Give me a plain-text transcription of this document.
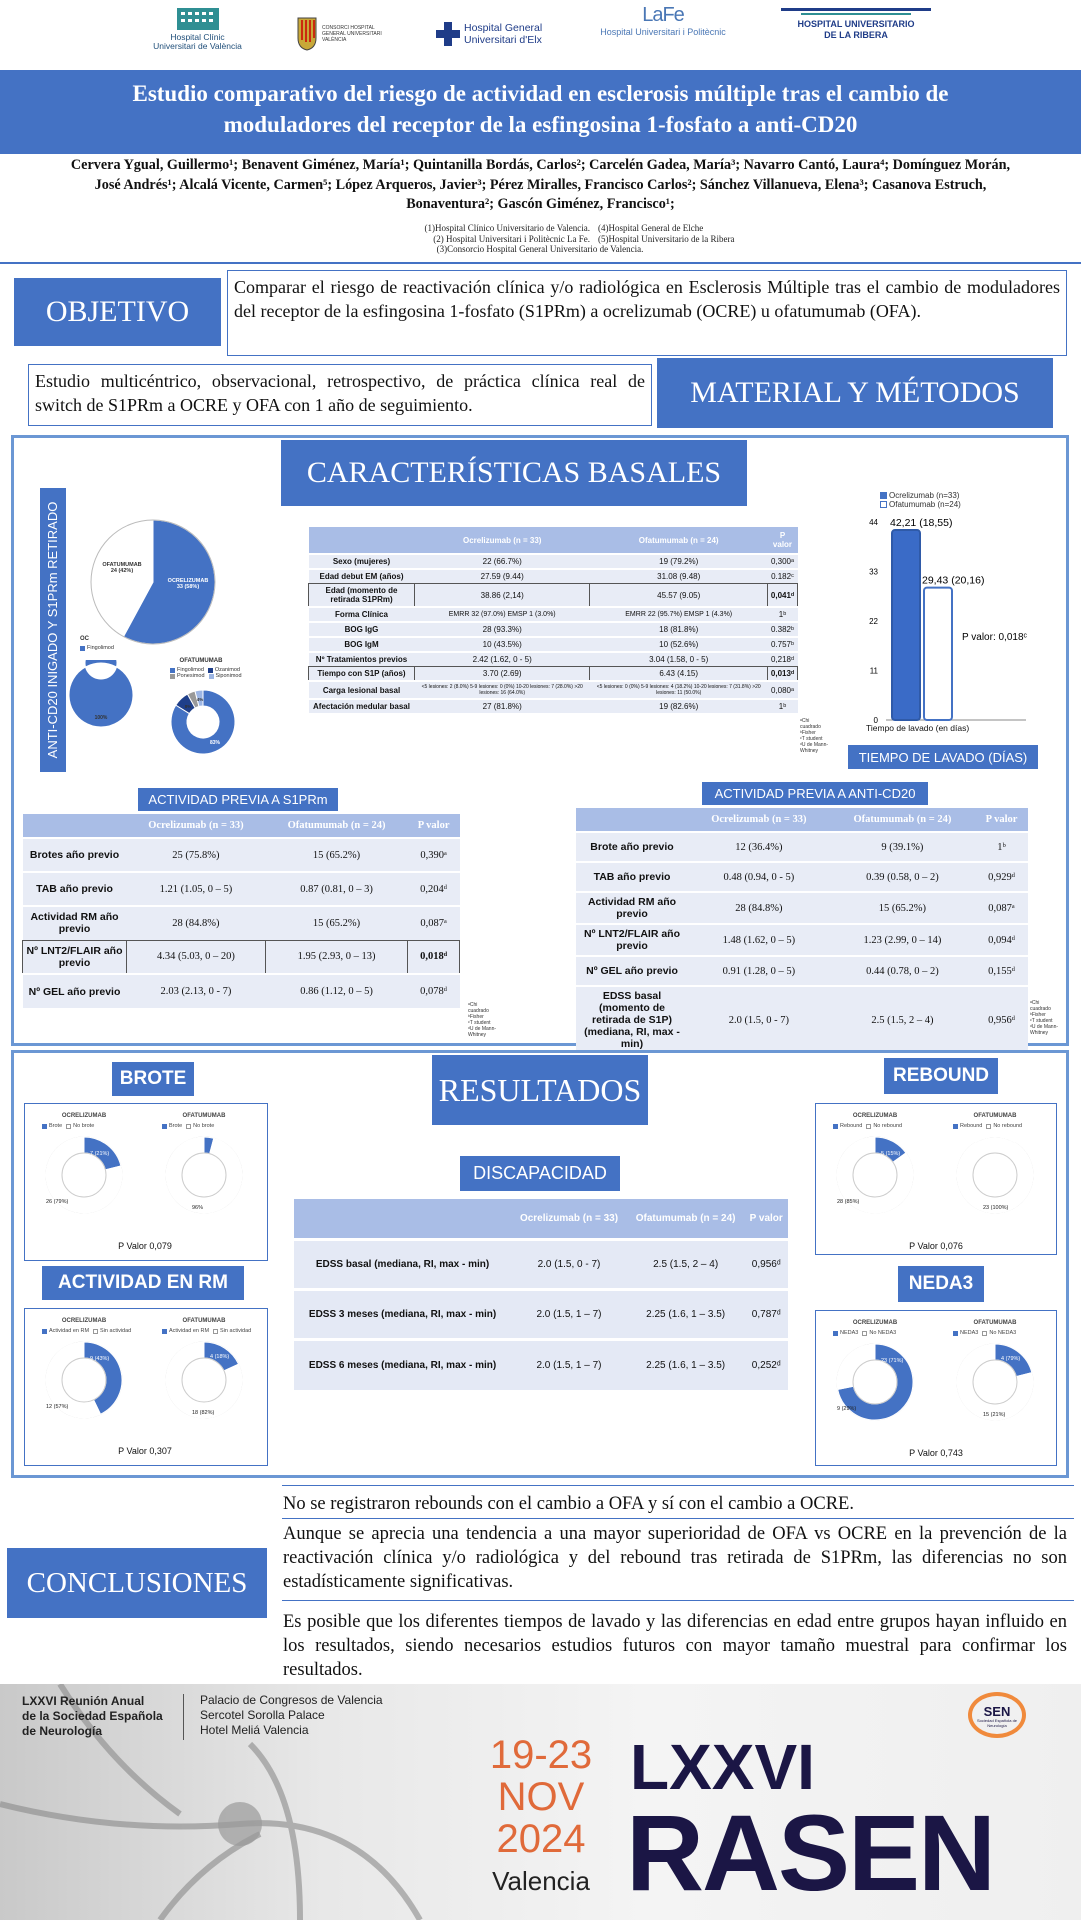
Hospital Clínic
Universitari de València
CONSORCI HOSPITAL GENERAL UNIVERSITARI VALÈNCIA
Hospital General
Universitari d'Elx
LaFe
Hospital Universitari i Politècnic
HOSPITAL UNIVERSITARIO
DE LA RIBERA
Estudio comparativo del riesgo de actividad en esclerosis múltiple tras el cambio de
moduladores del receptor de la esfingosina 1-fosfato a anti-CD20
Cervera Ygual, Guillermo¹; Benavent Giménez, María¹; Quintanilla Bordás, Carlos²; Carcelén Gadea, María³; Navarro Cantó, Laura⁴; Domínguez Morán,
José Andrés¹; Alcalá Vicente, Carmen⁵; López Arqueros, Javier³; Pérez Miralles, Francisco Carlos²; Sánchez Villanueva, Elena³; Casanova Estruch,
Bonaventura²; Gascón Giménez, Francisco¹;
(1)Hospital Clínico Universitario de Valencia.
(2) Hospital Universitari i Politècnic La Fe.
(4)Hospital General de Elche
(5)Hospital Universitario de la Ribera
(3)Consorcio Hospital General Universitario de Valencia.
OBJETIVO
Comparar el riesgo de reactivación clínica y/o radiológica en Esclerosis Múltiple tras el cambio de moduladores del receptor de la esfingosina 1-fosfato (S1PRm) a ocrelizumab (OCRE) u ofatumumab (OFA).
Estudio multicéntrico, observacional, retrospectivo, de práctica clínica real de switch de S1PRm a OCRE y OFA con 1 año de seguimiento.	MATERIAL Y MÉTODOS
CARACTERÍSTICAS BASALES
ANTI-CD20 INIGADO Y S1PRm RETIRADO	OFATUMUMAB
24 (42%)
OCRELIZUMAB
33 (58%)
OC
Fingolimod
100%
OFATUMUMAB
Fingolimod Ozanimod
Ponesimod Siponimod
83%
8%
4%
	Ocrelizumab (n = 33)	Ofatumumab (n = 24)	P valor
Sexo (mujeres)	22 (66.7%)	19 (79.2%)	0,300ᵃ
Edad debut EM (años)	27.59 (9.44)	31.08 (9.48)	0.182ᶜ
Edad (momento de retirada S1PRm)	38.86 (2,14)	45.57 (9.05)	0,041ᵈ
Forma Clínica	EMRR 32 (97.0%) EMSP 1 (3.0%)	EMRR 22 (95.7%) EMSP 1 (4.3%)	1ᵇ
BOG IgG	28 (93.3%)	18 (81.8%)	0.382ᵇ
BOG IgM	10 (43.5%)	10 (52.6%)	0.757ᵇ
Nº Tratamientos previos	2.42 (1.62, 0 - 5)	3.04 (1.58, 0 - 5)	0,218ᵈ
Tiempo con S1P (años)	3.70 (2.69)	6.43 (4.15)	0,013ᵈ
Carga lesional basal	<5 lesiones: 2 (8.0%) 5-9 lesiones: 0 (0%) 10-20 lesiones: 7 (28.0%) >20 lesiones: 16 (64.0%)	<5 lesiones: 0 (0%) 5-9 lesiones: 4 (18.2%) 10-20 lesiones: 7 (31.8%) >20 lesiones: 11 (50.0%)	0,080ᵃ
Afectación medular basal	27 (81.8%)	19 (82.6%)	1ᵇ
ᵃChi cuadrado
ᵇFisher
ᶜT student
ᵈU de Mann-Whitney
Ocrelizumab (n=33)
Ofatumumab (n=24)
44
33
22
11
0
42,21 (18,55)
29,43 (20,16)
P valor: 0,018ᶜ
Tiempo de lavado (en días)
TIEMPO DE LAVADO (DÍAS)
ACTIVIDAD PREVIA A S1PRm
	Ocrelizumab (n = 33)	Ofatumumab (n = 24)	P valor
Brotes año previo	25 (75.8%)	15 (65.2%)	0,390ᵃ
TAB año previo	1.21 (1.05, 0 – 5)	0.87 (0.81, 0 – 3)	0,204ᵈ
Actividad RM año previo	28 (84.8%)	15 (65.2%)	0,087ᵃ
Nº LNT2/FLAIR año previo	4.34 (5.03, 0 – 20)	1.95 (2.93, 0 – 13)	0,018ᵈ
Nº GEL año previo	2.03 (2.13, 0 - 7)	0.86 (1.12, 0 – 5)	0,078ᵈ
ᵃChi cuadrado
ᵇFisher
ᶜT student
ᵈU de Mann-Whitney
ACTIVIDAD PREVIA A ANTI-CD20
	Ocrelizumab (n = 33)	Ofatumumab (n = 24)	P valor
Brote año previo	12 (36.4%)	9 (39.1%)	1ᵇ
TAB año previo	0.48 (0.94, 0 - 5)	0.39 (0.58, 0 – 2)	0,929ᵈ
Actividad RM año previo	28 (84.8%)	15 (65.2%)	0,087ᵃ
Nº LNT2/FLAIR año previo	1.48 (1.62, 0 – 5)	1.23 (2.99, 0 – 14)	0,094ᵈ
Nº GEL año previo	0.91 (1.28, 0 – 5)	0.44 (0.78, 0 – 2)	0,155ᵈ
EDSS basal (momento de retirada de S1P) (mediana, RI, max - min)	2.0 (1.5, 0 - 7)	2.5 (1.5, 2 – 4)	0,956ᵈ
ᵃChi cuadrado
ᵇFisher
ᶜT student
ᵈU de Mann-Whitney
RESULTADOS
BROTE
ACTIVIDAD EN RM
REBOUND
NEDA3
OCRELIZUMAB	OFATUMUMAB
Brote No brote	Brote No brote
7 (21%)
26 (79%)
1 (4%)
96%
P Valor 0,079
OCRELIZUMAB	OFATUMUMAB
Actividad en RM Sin actividad	Actividad en RM Sin actividad
9 (43%)
12 (57%)
4 (18%)
18 (82%)
P Valor 0,307
OCRELIZUMAB	OFATUMUMAB
Rebound No rebound	Rebound No rebound
5 (15%)
28 (85%)
23 (100%)
P Valor 0,076
OCRELIZUMAB	OFATUMUMAB
NEDA3 No NEDA3	NEDA3 No NEDA3
23 (71%)
9 (29%)
4 (79%)
15 (21%)
P Valor 0,743
DISCAPACIDAD
	Ocrelizumab (n = 33)	Ofatumumab (n = 24)	P valor
EDSS basal (mediana, RI, max - min)	2.0 (1.5, 0 - 7)	2.5 (1.5, 2 – 4)	0,956ᵈ
EDSS 3 meses (mediana, RI, max - min)	2.0 (1.5, 1 – 7)	2.25 (1.6, 1 – 3.5)	0,787ᵈ
EDSS 6 meses (mediana, RI, max - min)	2.0 (1.5, 1 – 7)	2.25 (1.6, 1 – 3.5)	0,252ᵈ
No se registraron rebounds con el cambio a OFA y sí con el cambio a OCRE.
Aunque se aprecia una tendencia a una mayor superioridad de OFA vs OCRE en la prevención de la reactivación clínica y/o radiológica y del rebound tras retirada de S1PRm, las diferencias no son estadísticamente significativas.
Es posible que los diferentes tiempos de lavado y las diferencias en edad entre grupos hayan influido en los resultados, siendo necesarios estudios futuros con mayor tamaño muestral para confirmar los resultados.
CONCLUSIONES
LXXVI Reunión Anual
de la Sociedad Española
de Neurología
Palacio de Congresos de Valencia
Sercotel Sorolla Palace
Hotel Meliá Valencia
19-23
NOV
2024
Valencia
LXXVI
RASEN
SEN
Sociedad Española de Neurología
